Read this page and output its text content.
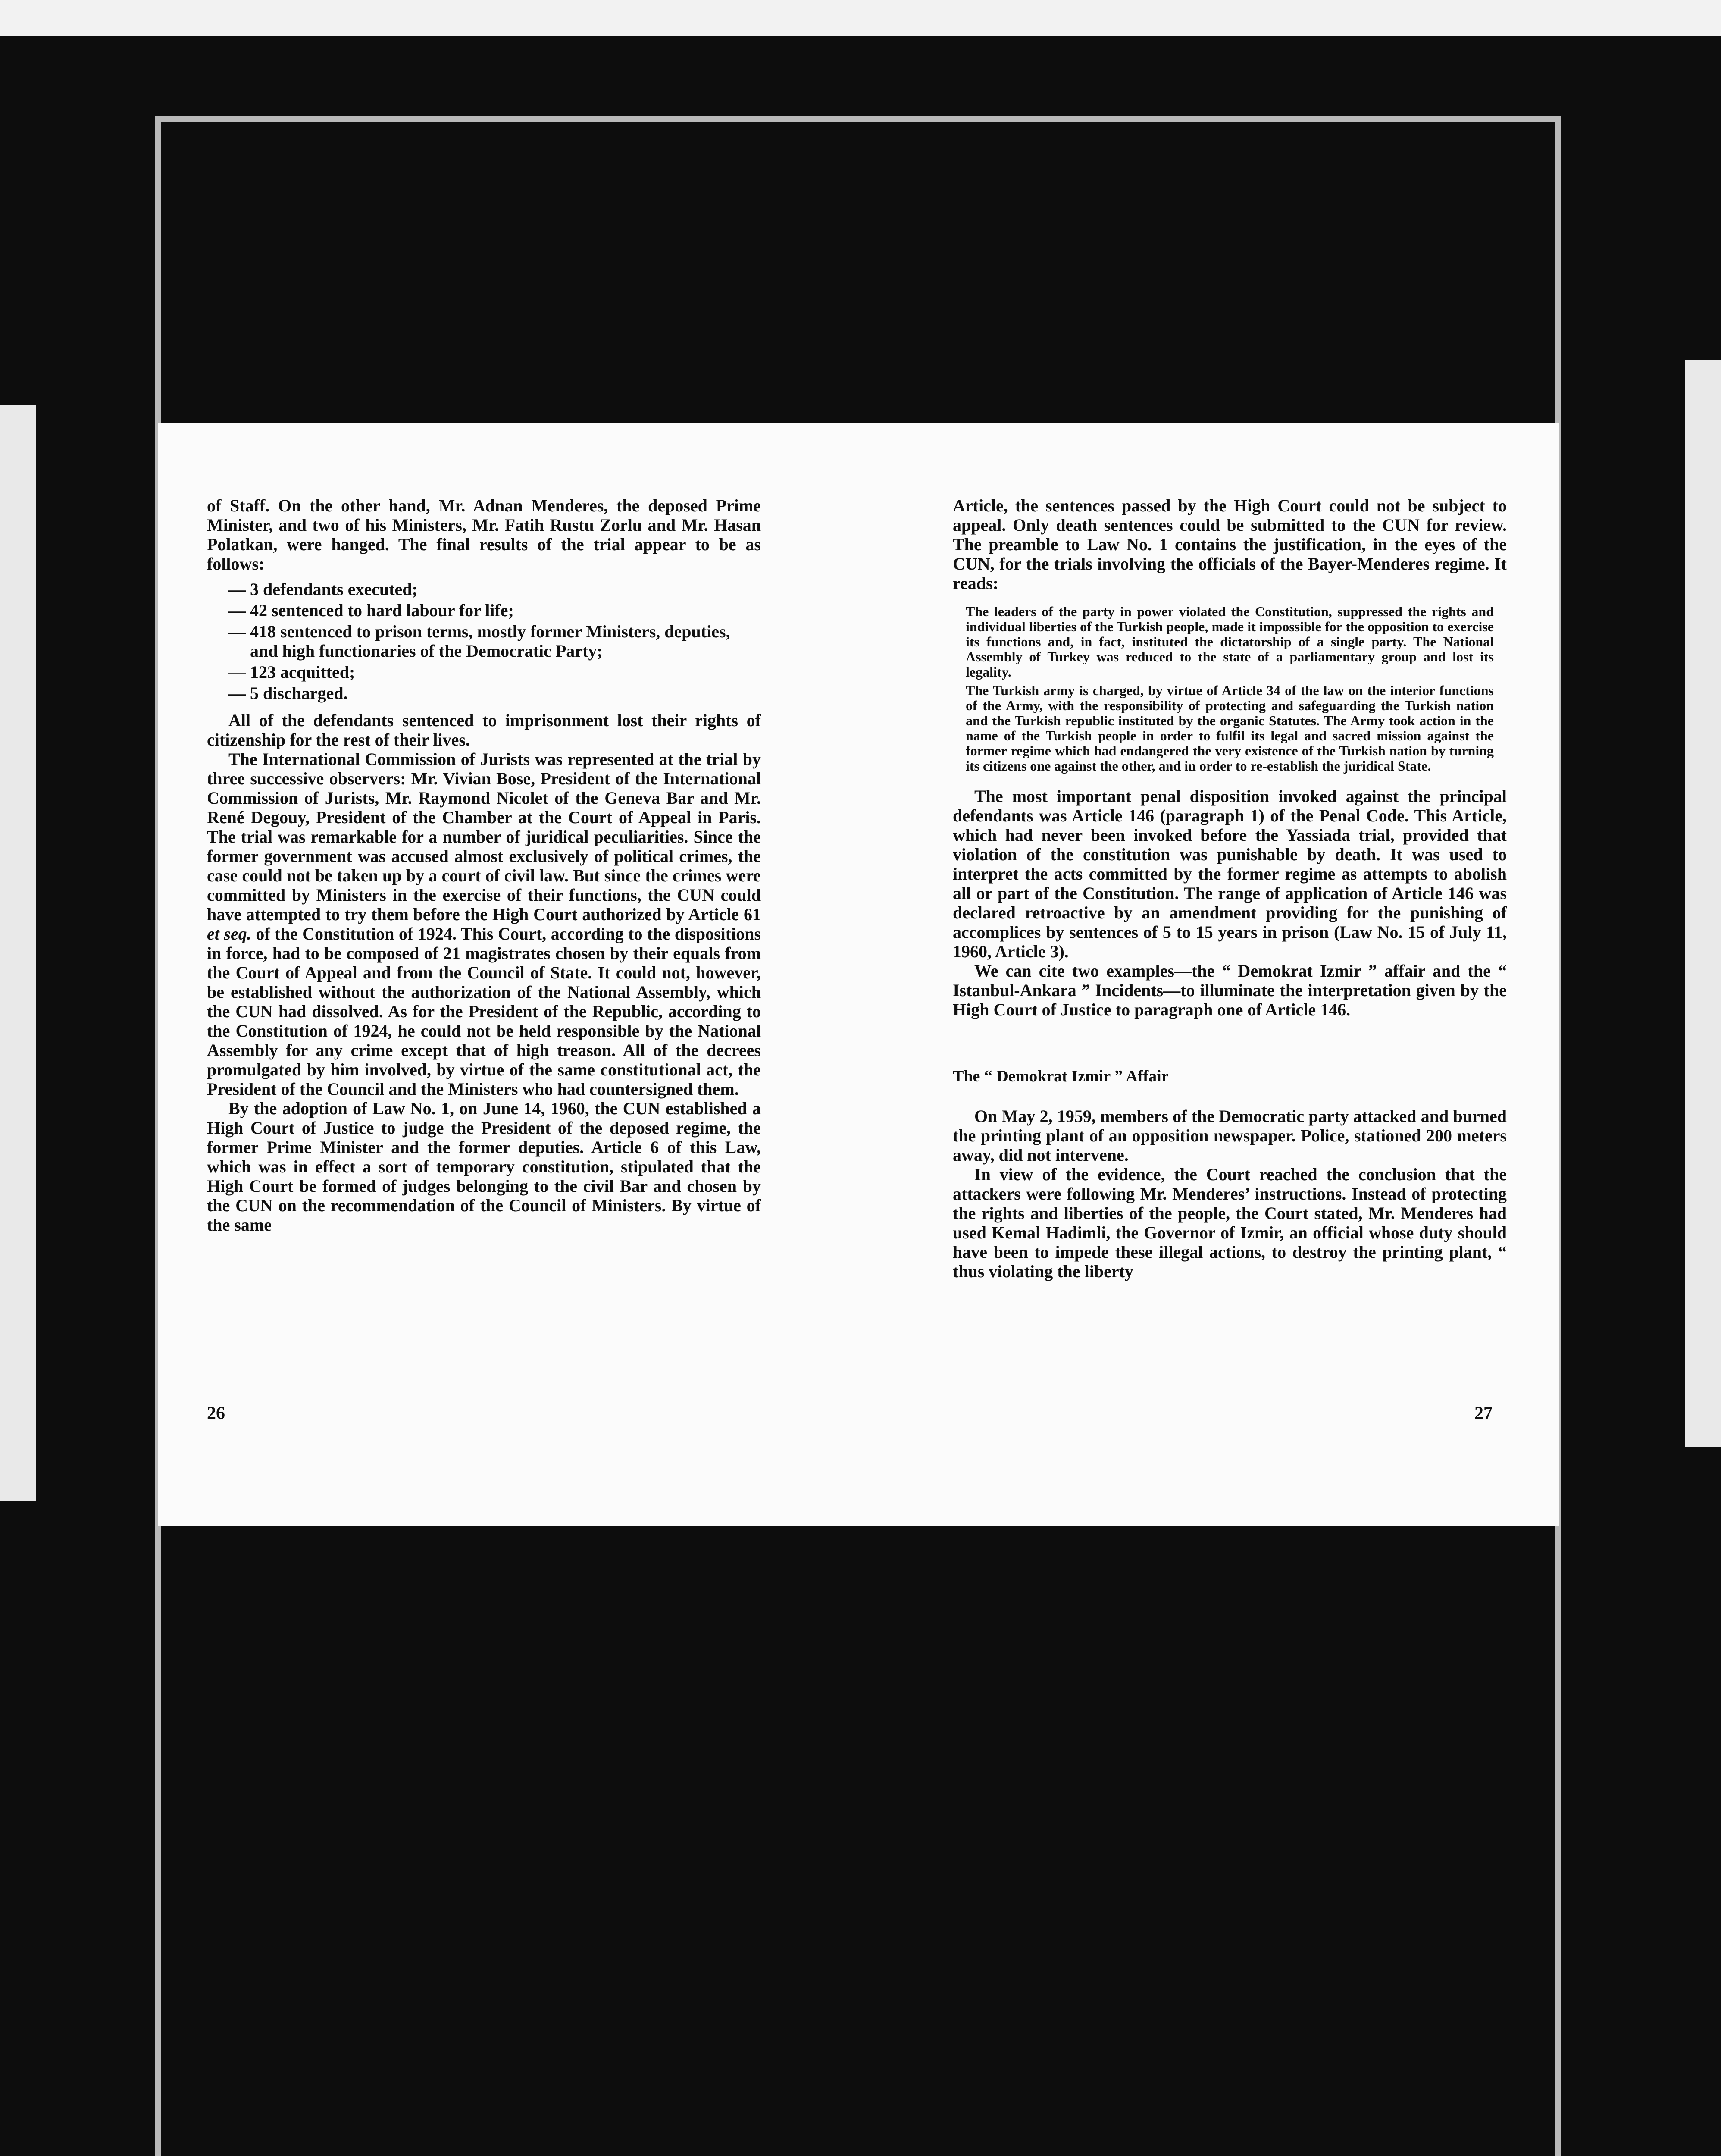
of Staff. On the other hand, Mr. Adnan Menderes, the deposed Prime Minister, and two of his Ministers, Mr. Fatih Rustu Zorlu and Mr. Hasan Polatkan, were hanged. The final results of the trial appear to be as follows:

— 3 defendants executed;
— 42 sentenced to hard labour for life;
— 418 sentenced to prison terms, mostly former Ministers, deputies, and high functionaries of the Democratic Party;
— 123 acquitted;
— 5 discharged.

All of the defendants sentenced to imprisonment lost their rights of citizenship for the rest of their lives.

The International Commission of Jurists was represented at the trial by three successive observers: Mr. Vivian Bose, President of the International Commission of Jurists, Mr. Raymond Nicolet of the Geneva Bar and Mr. René Degouy, President of the Chamber at the Court of Appeal in Paris. The trial was remarkable for a number of juridical peculiarities. Since the former government was accused almost exclusively of political crimes, the case could not be taken up by a court of civil law. But since the crimes were committed by Ministers in the exercise of their functions, the CUN could have attempted to try them before the High Court authorized by Article 61 et seq. of the Constitution of 1924. This Court, according to the dispositions in force, had to be composed of 21 magistrates chosen by their equals from the Court of Appeal and from the Council of State. It could not, however, be established without the authorization of the National Assembly, which the CUN had dissolved. As for the President of the Republic, according to the Constitution of 1924, he could not be held responsible by the National Assembly for any crime except that of high treason. All of the decrees promulgated by him involved, by virtue of the same constitutional act, the President of the Council and the Ministers who had countersigned them.

By the adoption of Law No. 1, on June 14, 1960, the CUN established a High Court of Justice to judge the President of the deposed regime, the former Prime Minister and the former deputies. Article 6 of this Law, which was in effect a sort of temporary constitution, stipulated that the High Court be formed of judges belonging to the civil Bar and chosen by the CUN on the recommendation of the Council of Ministers. By virtue of the same

26

Article, the sentences passed by the High Court could not be subject to appeal. Only death sentences could be submitted to the CUN for review. The preamble to Law No. 1 contains the justification, in the eyes of the CUN, for the trials involving the officials of the Bayer-Menderes regime. It reads:

The leaders of the party in power violated the Constitution, suppressed the rights and individual liberties of the Turkish people, made it impossible for the opposition to exercise its functions and, in fact, instituted the dictatorship of a single party. The National Assembly of Turkey was reduced to the state of a parliamentary group and lost its legality.

The Turkish army is charged, by virtue of Article 34 of the law on the interior functions of the Army, with the responsibility of protecting and safeguarding the Turkish nation and the Turkish republic instituted by the organic Statutes. The Army took action in the name of the Turkish people in order to fulfil its legal and sacred mission against the former regime which had endangered the very existence of the Turkish nation by turning its citizens one against the other, and in order to re-establish the juridical State.

The most important penal disposition invoked against the principal defendants was Article 146 (paragraph 1) of the Penal Code. This Article, which had never been invoked before the Yassiada trial, provided that violation of the constitution was punishable by death. It was used to interpret the acts committed by the former regime as attempts to abolish all or part of the Constitution. The range of application of Article 146 was declared retroactive by an amendment providing for the punishing of accomplices by sentences of 5 to 15 years in prison (Law No. 15 of July 11, 1960, Article 3).

We can cite two examples—the “ Demokrat Izmir ” affair and the “ Istanbul-Ankara ” Incidents—to illuminate the interpretation given by the High Court of Justice to paragraph one of Article 146.

The “ Demokrat Izmir ” Affair

On May 2, 1959, members of the Democratic party attacked and burned the printing plant of an opposition newspaper. Police, stationed 200 meters away, did not intervene.

In view of the evidence, the Court reached the conclusion that the attackers were following Mr. Menderes’ instructions. Instead of protecting the rights and liberties of the people, the Court stated, Mr. Menderes had used Kemal Hadimli, the Governor of Izmir, an official whose duty should have been to impede these illegal actions, to destroy the printing plant, “ thus violating the liberty

27
